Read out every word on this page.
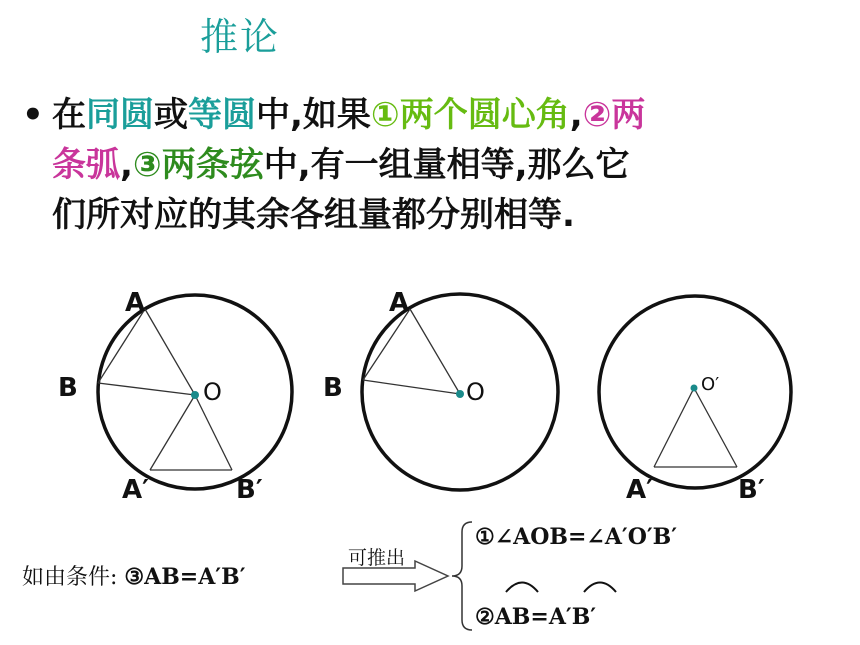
推论
• 在同圆或等圆中,如果①两个圆心角,②两
条弧,③两条弦中,有一组量相等,那么它
们所对应的其余各组量都分别相等.
A
B	O
A′	B′
A
B	O	O′
A′	B′
如由条件: ③AB=A′B′
可推出
①∠AOB=∠A′O′B′
②AB=A′B′
